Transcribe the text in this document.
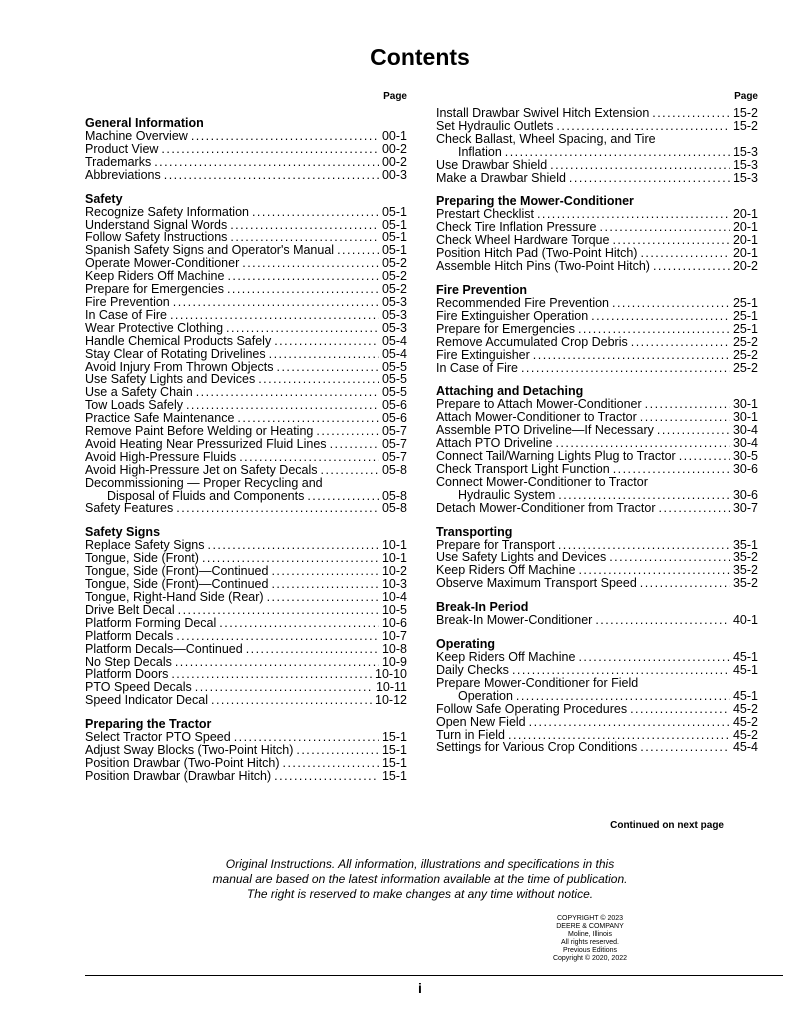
Contents
Page
General Information
Machine Overview . . .	00-1
Product View . . .	00-2
Trademarks . . .	00-2
Abbreviations . . .	00-3
Safety
Recognize Safety Information . . .	05-1
Understand Signal Words . . .	05-1
Follow Safety Instructions . . .	05-1
Spanish Safety Signs and Operator's Manual . . .	05-1
Operate Mower-Conditioner . . .	05-2
Keep Riders Off Machine . . .	05-2
Prepare for Emergencies . . .	05-2
Fire Prevention . . .	05-3
In Case of Fire . . .	05-3
Wear Protective Clothing . . .	05-3
Handle Chemical Products Safely . . .	05-4
Stay Clear of Rotating Drivelines . . .	05-4
Avoid Injury From Thrown Objects . . .	05-5
Use Safety Lights and Devices . . .	05-5
Use a Safety Chain . . .	05-5
Tow Loads Safely . . .	05-6
Practice Safe Maintenance . . .	05-6
Remove Paint Before Welding or Heating . . .	05-7
Avoid Heating Near Pressurized Fluid Lines . . .	05-7
Avoid High-Pressure Fluids . . .	05-7
Avoid High-Pressure Jet on Safety Decals . . .	05-8
Decommissioning — Proper Recycling and
Disposal of Fluids and Components . . .	05-8
Safety Features . . .	05-8
Safety Signs
Replace Safety Signs . . .	10-1
Tongue, Side (Front) . . .	10-1
Tongue, Side (Front)—Continued . . .	10-2
Tongue, Side (Front)—Continued . . .	10-3
Tongue, Right-Hand Side (Rear) . . .	10-4
Drive Belt Decal . . .	10-5
Platform Forming Decal . . .	10-6
Platform Decals . . .	10-7
Platform Decals—Continued . . .	10-8
No Step Decals . . .	10-9
Platform Doors . . .	10-10
PTO Speed Decals . . .	10-11
Speed Indicator Decal . . .	10-12
Preparing the Tractor
Select Tractor PTO Speed . . .	15-1
Adjust Sway Blocks (Two-Point Hitch) . . .	15-1
Position Drawbar (Two-Point Hitch) . . .	15-1
Position Drawbar (Drawbar Hitch) . . .	15-1
Page
Install Drawbar Swivel Hitch Extension . . .	15-2
Set Hydraulic Outlets . . .	15-2
Check Ballast, Wheel Spacing, and Tire
Inflation . . .	15-3
Use Drawbar Shield . . .	15-3
Make a Drawbar Shield . . .	15-3
Preparing the Mower-Conditioner
Prestart Checklist . . .	20-1
Check Tire Inflation Pressure . . .	20-1
Check Wheel Hardware Torque . . .	20-1
Position Hitch Pad (Two-Point Hitch) . . .	20-1
Assemble Hitch Pins (Two-Point Hitch) . . .	20-2
Fire Prevention
Recommended Fire Prevention . . .	25-1
Fire Extinguisher Operation . . .	25-1
Prepare for Emergencies . . .	25-1
Remove Accumulated Crop Debris . . .	25-2
Fire Extinguisher . . .	25-2
In Case of Fire . . .	25-2
Attaching and Detaching
Prepare to Attach Mower-Conditioner . . .	30-1
Attach Mower-Conditioner to Tractor . . .	30-1
Assemble PTO Driveline—If Necessary . . .	30-4
Attach PTO Driveline . . .	30-4
Connect Tail/Warning Lights Plug to Tractor . . .	30-5
Check Transport Light Function . . .	30-6
Connect Mower-Conditioner to Tractor
Hydraulic System . . .	30-6
Detach Mower-Conditioner from Tractor . . .	30-7
Transporting
Prepare for Transport . . .	35-1
Use Safety Lights and Devices . . .	35-2
Keep Riders Off Machine . . .	35-2
Observe Maximum Transport Speed . . .	35-2
Break-In Period
Break-In Mower-Conditioner . . .	40-1
Operating
Keep Riders Off Machine . . .	45-1
Daily Checks . . .	45-1
Prepare Mower-Conditioner for Field
Operation . . .	45-1
Follow Safe Operating Procedures . . .	45-2
Open New Field . . .	45-2
Turn in Field . . .	45-2
Settings for Various Crop Conditions . . .	45-4
Continued on next page
Original Instructions. All information, illustrations and specifications in this
manual are based on the latest information available at the time of publication.
The right is reserved to make changes at any time without notice.
COPYRIGHT © 2023
DEERE & COMPANY
Moline, Illinois
All rights reserved.
Previous Editions
Copyright © 2020, 2022
i
